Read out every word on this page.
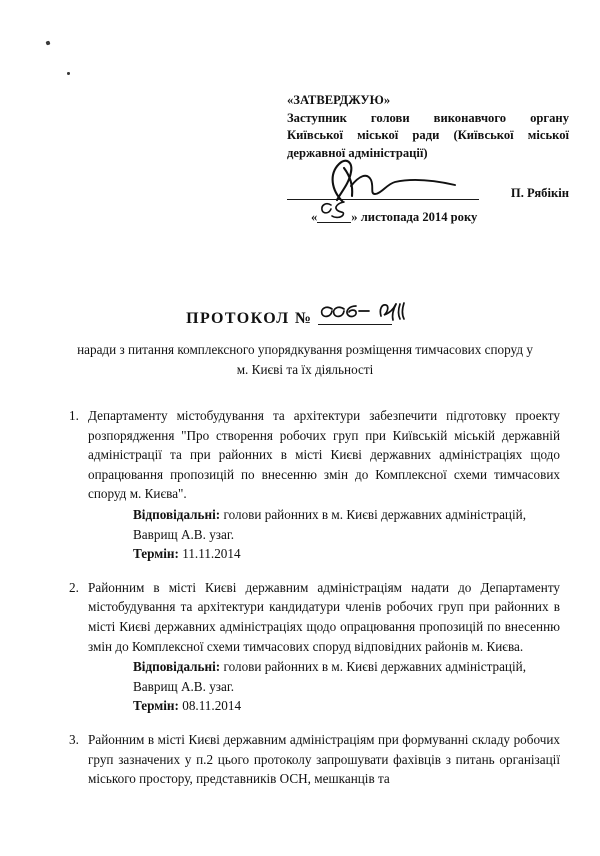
«ЗАТВЕРДЖУЮ»
Заступник голови виконавчого органу
Київської міської ради (Київської міської
державної адміністрації)
П. Рябікін
«	» листопада 2014 року
ПРОТОКОЛ №
наради з питання комплексного упорядкування розміщення тимчасових споруд у
м. Києві та їх діяльності
1. Департаменту містобудування та архітектури забезпечити підготовку проекту розпорядження "Про створення робочих груп при Київській міській державній адміністрації та при районних в місті Києві державних адміністраціях щодо опрацювання пропозицій по внесенню змін до Комплексної схеми тимчасових споруд м. Києва".
Відповідальні: голови районних в м. Києві державних адміністрацій,
Ваврищ А.В. узаг.
Термін: 11.11.2014
2. Районним в місті Києві державним адміністраціям надати до Департаменту містобудування та архітектури кандидатури членів робочих груп при районних в місті Києві державних адміністраціях щодо опрацювання пропозицій по внесенню змін до Комплексної схеми тимчасових споруд відповідних районів м. Києва.
Відповідальні: голови районних в м. Києві державних адміністрацій,
Ваврищ А.В. узаг.
Термін: 08.11.2014
3. Районним в місті Києві державним адміністраціям при формуванні складу робочих груп зазначених у п.2 цього протоколу запрошувати фахівців з питань організації міського простору, представників ОСН, мешканців та
